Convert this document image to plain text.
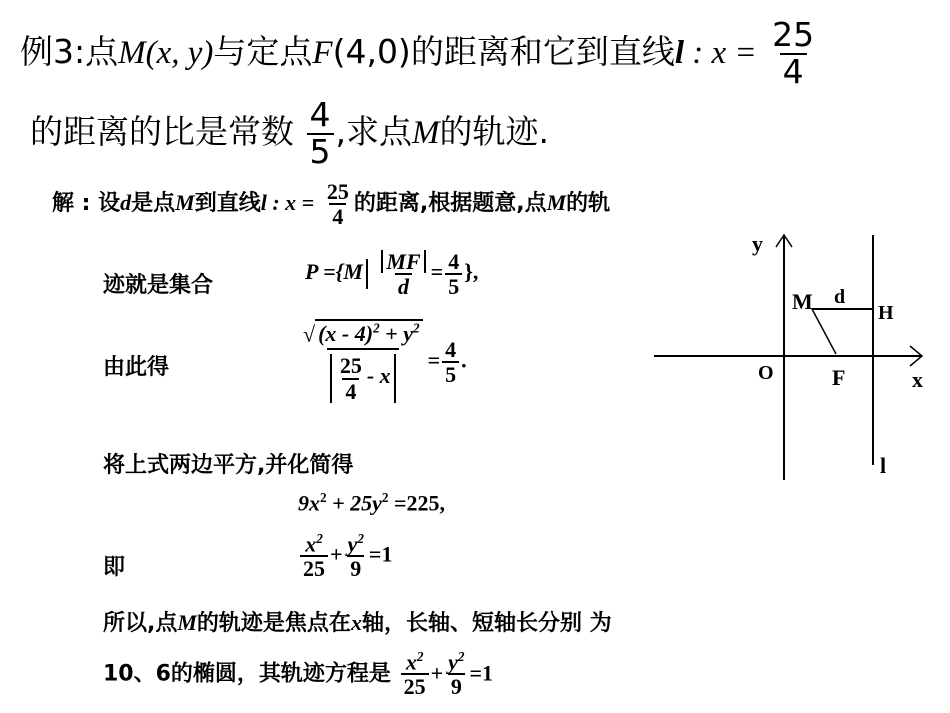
例3:点M(x, y)与定点F(4,0)的距离和它到直线l : $x = \frac{25}{4}$
的距离的比是常数 $\frac{4}{5}$ ,求点M的轨迹.
解 : 设d是点M到直线l : $x = \frac{25}{4}$ 的距离,根据题意,点M的轨
迹就是集合
$P =\{M \frac{MF}{d} = \frac{4}{5}$ },
由此得	$\frac{√ (x - 4)^2 + y^2}{\frac{25}{4} - x} = \frac{4}{5}$ .
将上式两边平方,并化简得
$9x^2 + 25y^2 =225$,
即	$\frac{x^2}{25} + \frac{y^2}{9} =1$
所以,点M的轨迹是焦点在x轴，长轴、短轴长分别 为
10、6的椭圆，其轨迹方程是 $\frac{x^2}{25} + \frac{y^2}{9} =1$
y
x
O
M d
H
F
l
